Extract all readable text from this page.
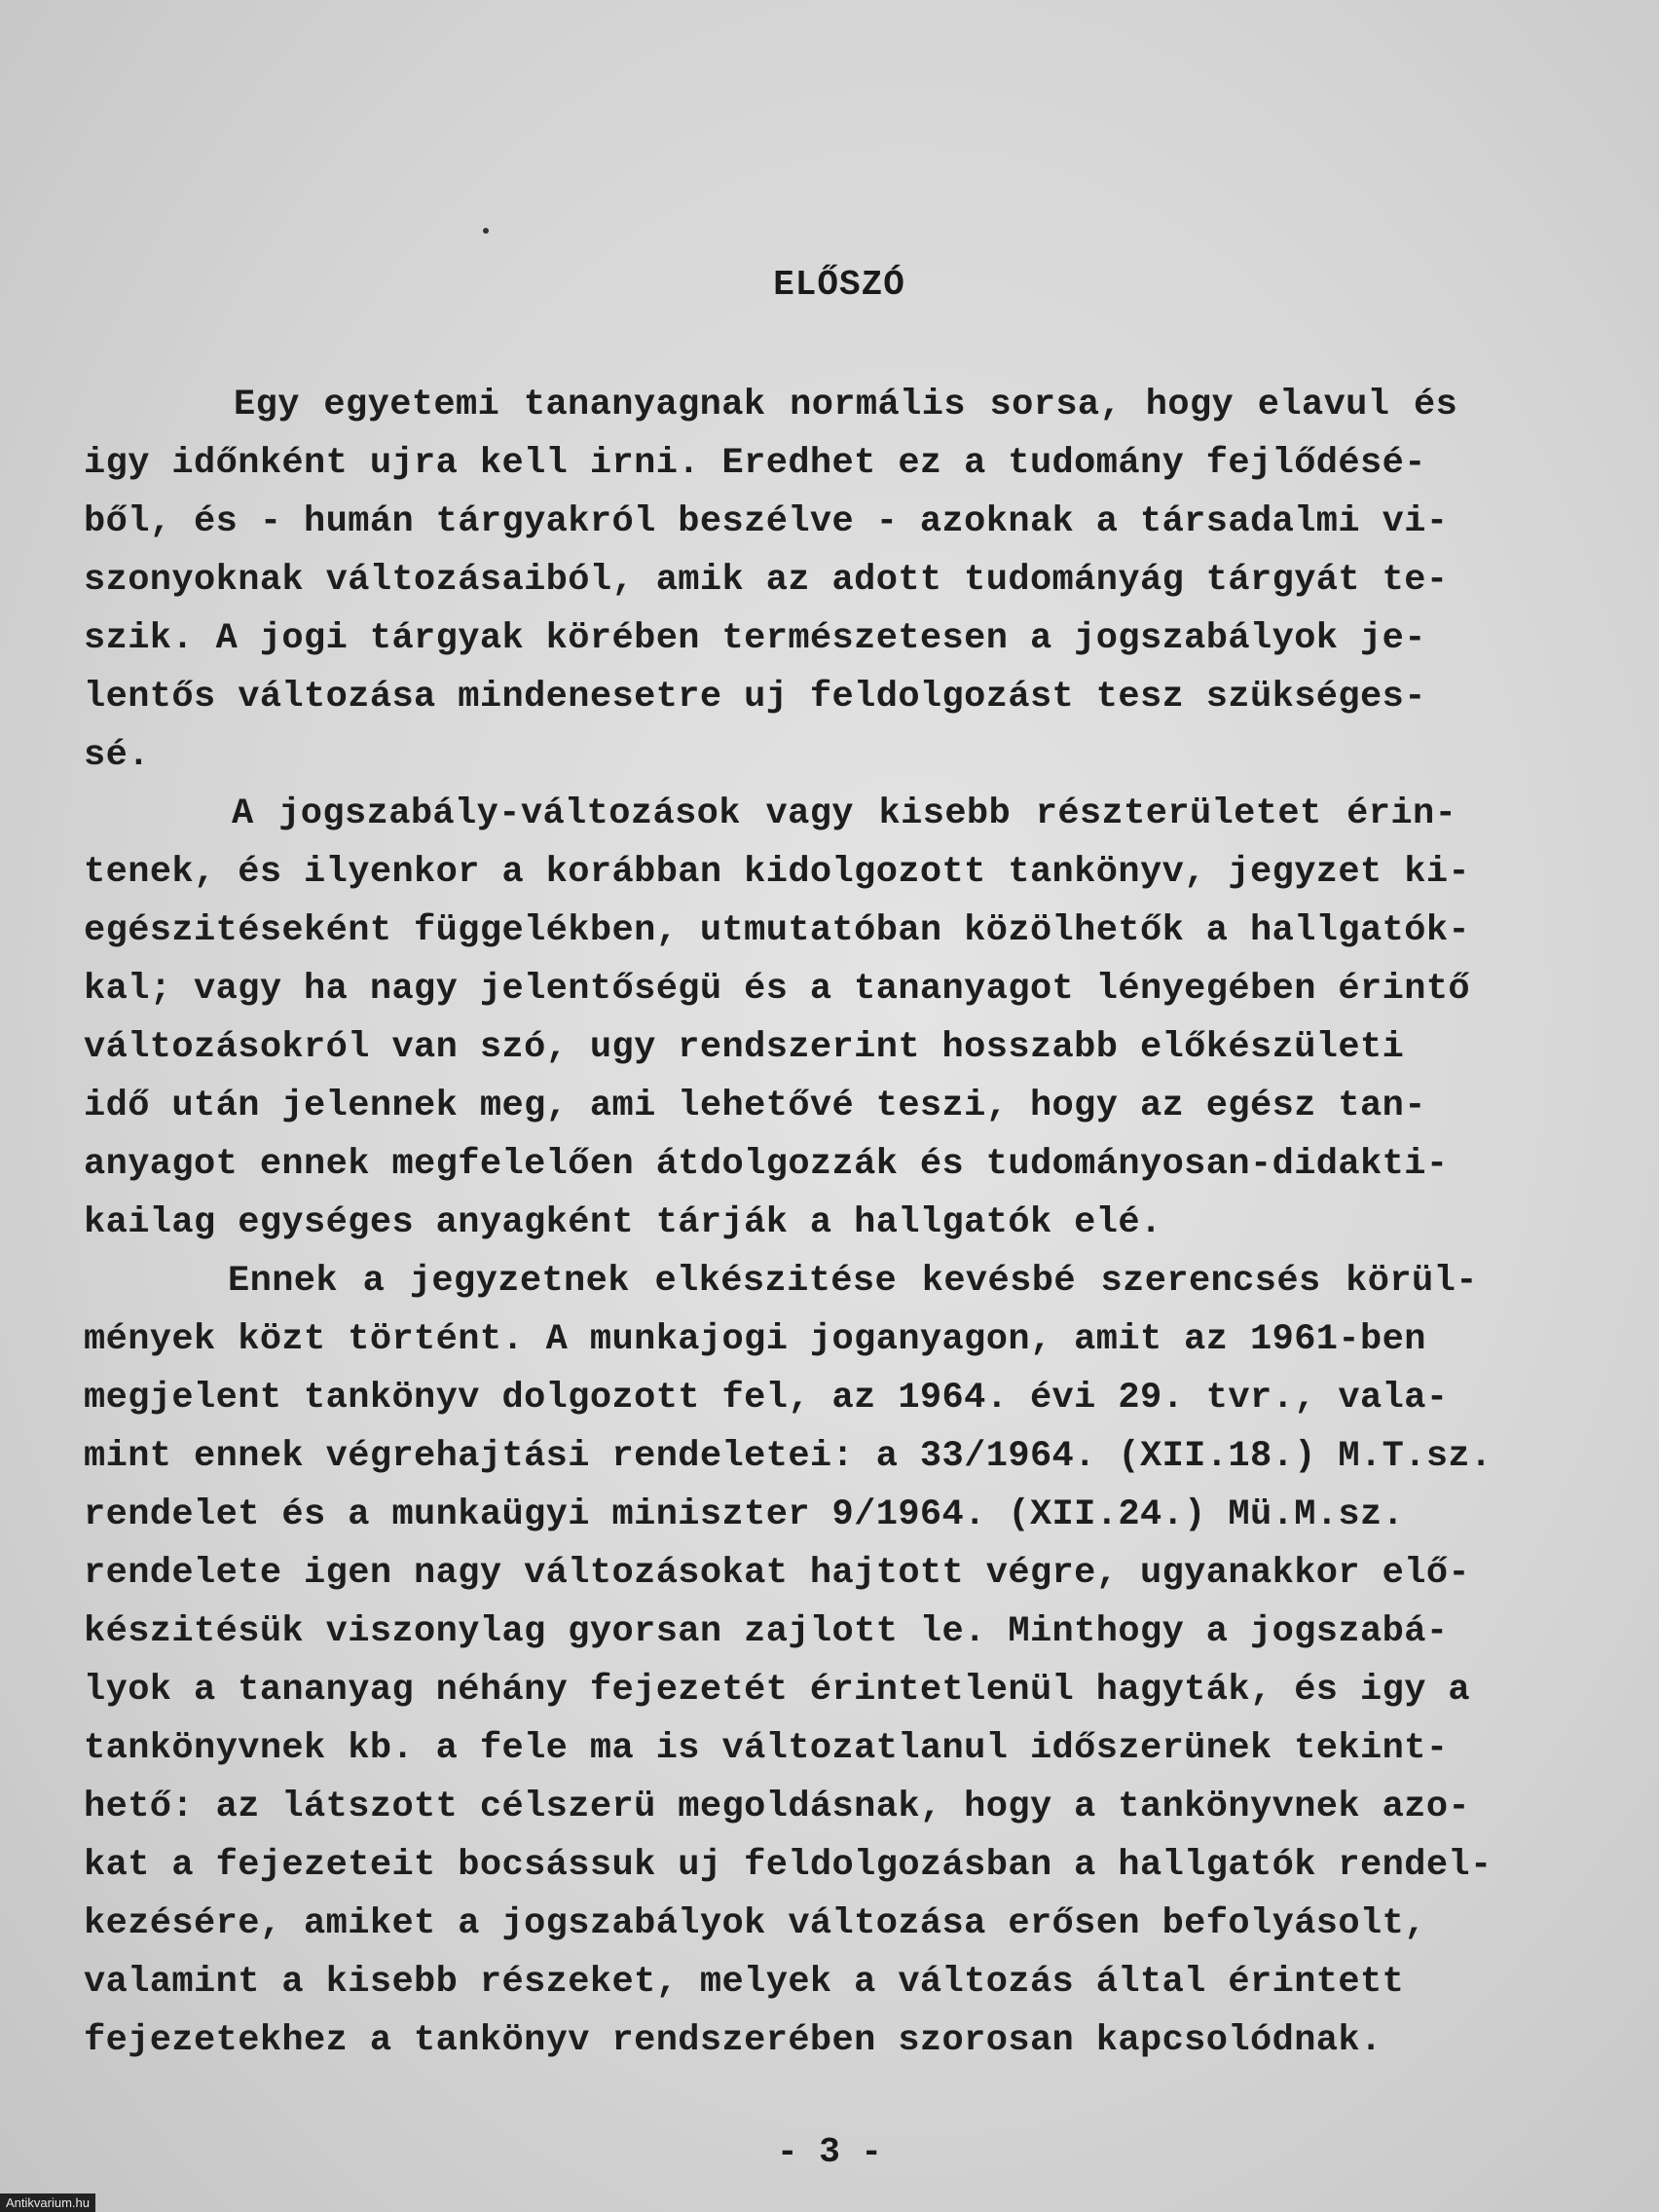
ELŐSZÓ
Egy egyetemi tananyagnak normális sorsa, hogy elavul és
igy időnként ujra kell irni. Eredhet ez a tudomány fejlődésé-
ből, és - humán tárgyakról beszélve - azoknak a társadalmi vi-
szonyoknak változásaiból, amik az adott tudományág tárgyát te-
szik. A jogi tárgyak körében természetesen a jogszabályok je-
lentős változása mindenesetre uj feldolgozást tesz szükséges-
sé.
A jogszabály-változások vagy kisebb részterületet érin-
tenek, és ilyenkor a korábban kidolgozott tankönyv, jegyzet ki-
egészitéseként függelékben, utmutatóban közölhetők a hallgatók-
kal; vagy ha nagy jelentőségü és a tananyagot lényegében érintő
változásokról van szó, ugy rendszerint hosszabb előkészületi
idő után jelennek meg, ami lehetővé teszi, hogy az egész tan-
anyagot ennek megfelelően átdolgozzák és tudományosan-didakti-
kailag egységes anyagként tárják a hallgatók elé.
Ennek a jegyzetnek elkészitése kevésbé szerencsés körül-
mények közt történt. A munkajogi joganyagon, amit az 1961-ben
megjelent tankönyv dolgozott fel, az 1964. évi 29. tvr., vala-
mint ennek végrehajtási rendeletei: a 33/1964. (XII.18.) M.T.sz.
rendelet és a munkaügyi miniszter 9/1964. (XII.24.) Mü.M.sz.
rendelete igen nagy változásokat hajtott végre, ugyanakkor elő-
készitésük viszonylag gyorsan zajlott le. Minthogy a jogszabá-
lyok a tananyag néhány fejezetét érintetlenül hagyták, és igy a
tankönyvnek kb. a fele ma is változatlanul időszerünek tekint-
hető: az látszott célszerü megoldásnak, hogy a tankönyvnek azo-
kat a fejezeteit bocsássuk uj feldolgozásban a hallgatók rendel-
kezésére, amiket a jogszabályok változása erősen befolyásolt,
valamint a kisebb részeket, melyek a változás által érintett
fejezetekhez a tankönyv rendszerében szorosan kapcsolódnak.
- 3 -
Antikvarium.hu
